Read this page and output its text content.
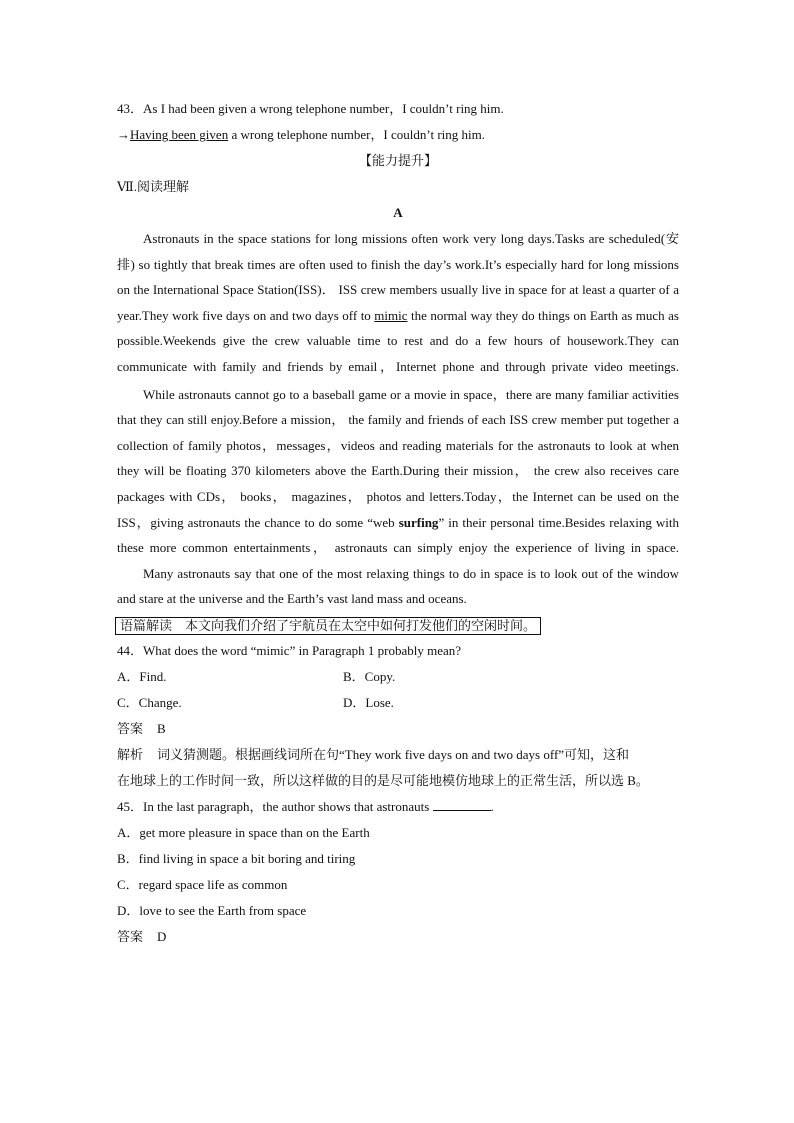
43．As I had been given a wrong telephone number，I couldn’t ring him.

→Having been given a wrong telephone number，I couldn’t ring him.

【能力提升】

Ⅶ.阅读理解

A

Astronauts in the space stations for long missions often work very long days.Tasks are scheduled(安排) so tightly that break times are often used to finish the day’s work.It’s especially hard for long missions on the International Space Station(ISS)． ISS crew members usually live in space for at least a quarter of a year.They work five days on and two days off to mimic the normal way they do things on Earth as much as possible.Weekends give the crew valuable time to rest and do a few hours of housework.They can communicate with family and friends by email，Internet phone and through private video meetings.

While astronauts cannot go to a baseball game or a movie in space，there are many familiar activities that they can still enjoy.Before a mission， the family and friends of each ISS crew member put together a collection of family photos，messages，videos and reading materials for the astronauts to look at when they will be floating 370 kilometers above the Earth.During their mission， the crew also receives care packages with CDs， books， magazines， photos and letters.Today，the Internet can be used on the ISS，giving astronauts the chance to do some “web surfing” in their personal time.Besides relaxing with these more common entertainments， astronauts can simply enjoy the experience of living in space.

Many astronauts say that one of the most relaxing things to do in space is to look out of the window and stare at the universe and the Earth’s vast land mass and oceans.

语篇解读　本文向我们介绍了宇航员在太空中如何打发他们的空闲时间。

44．What does the word “mimic” in Paragraph 1 probably mean?

A．Find.	B．Copy.
C．Change.	D．Lose.

答案 B

解析 词义猜测题。根据画线词所在句“They work five days on and two days off”可知，这和

在地球上的工作时间一致，所以这样做的目的是尽可能地模仿地球上的正常生活，所以选 B。

45．In the last paragraph，the author shows that astronauts	.

A．get more pleasure in space than on the Earth

B．find living in space a bit boring and tiring

C．regard space life as common

D．love to see the Earth from space

答案 D
